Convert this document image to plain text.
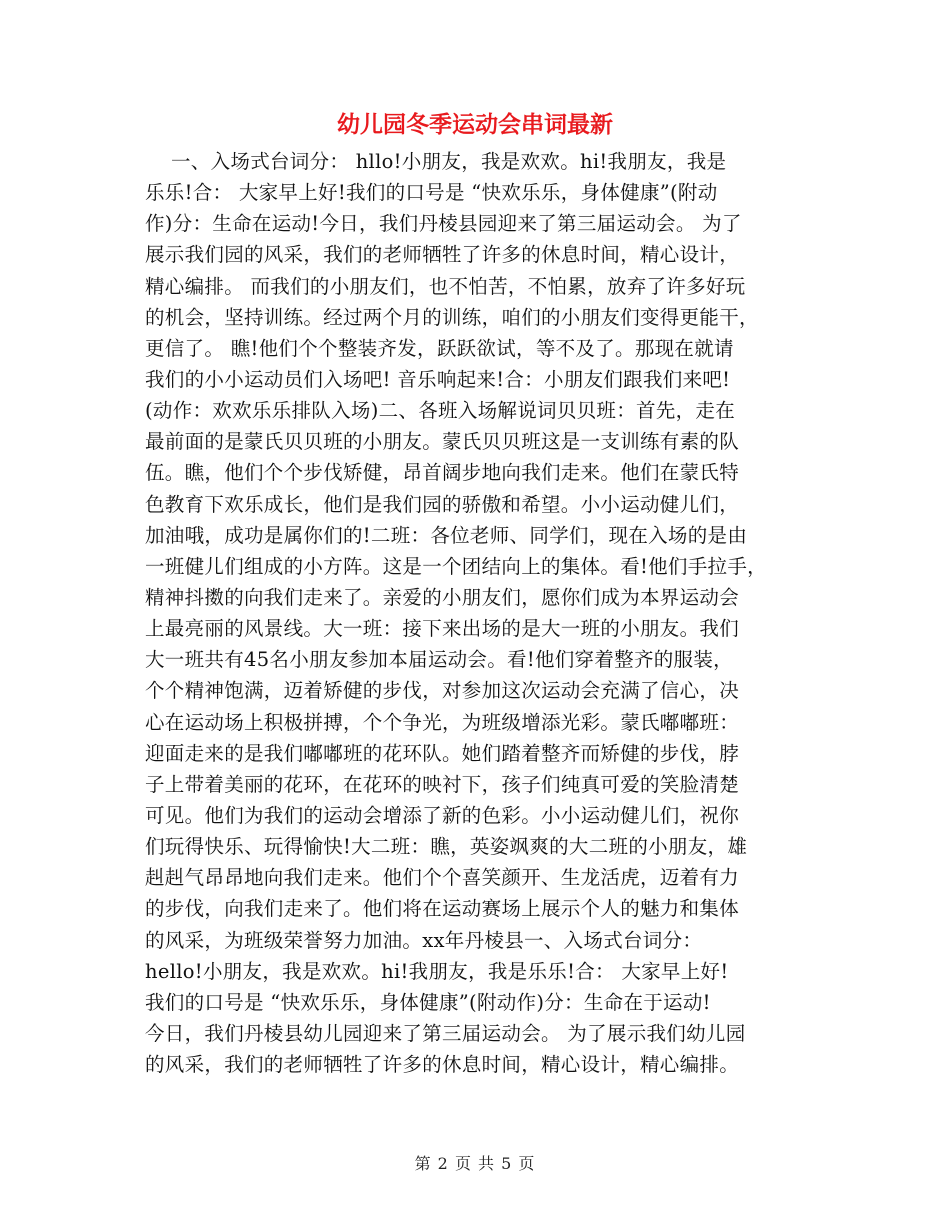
幼儿园冬季运动会串词最新
一、入场式台词分： hllo!小朋友，我是欢欢。hi!我朋友，我是
乐乐!合： 大家早上好!我们的口号是 “快欢乐乐，身体健康”(附动
作)分：生命在运动!今日，我们丹棱县园迎来了第三届运动会。 为了
展示我们园的风采，我们的老师牺牲了许多的休息时间，精心设计，
精心编排。 而我们的小朋友们，也不怕苦，不怕累，放弃了许多好玩
的机会，坚持训练。经过两个月的训练，咱们的小朋友们变得更能干，
更信了。 瞧!他们个个整装齐发，跃跃欲试，等不及了。那现在就请
我们的小小运动员们入场吧! 音乐响起来!合：小朋友们跟我们来吧!
(动作：欢欢乐乐排队入场)二、各班入场解说词贝贝班：首先，走在
最前面的是蒙氏贝贝班的小朋友。蒙氏贝贝班这是一支训练有素的队
伍。瞧，他们个个步伐矫健，昂首阔步地向我们走来。他们在蒙氏特
色教育下欢乐成长，他们是我们园的骄傲和希望。小小运动健儿们，
加油哦，成功是属你们的!二班：各位老师、同学们，现在入场的是由
一班健儿们组成的小方阵。这是一个团结向上的集体。看!他们手拉手，
精神抖擞的向我们走来了。亲爱的小朋友们，愿你们成为本界运动会
上最亮丽的风景线。大一班：接下来出场的是大一班的小朋友。我们
大一班共有45名小朋友参加本届运动会。看!他们穿着整齐的服装，
个个精神饱满，迈着矫健的步伐，对参加这次运动会充满了信心，决
心在运动场上积极拼搏，个个争光，为班级增添光彩。蒙氏嘟嘟班：
迎面走来的是我们嘟嘟班的花环队。她们踏着整齐而矫健的步伐，脖
子上带着美丽的花环，在花环的映衬下，孩子们纯真可爱的笑脸清楚
可见。他们为我们的运动会增添了新的色彩。小小运动健儿们，祝你
们玩得快乐、玩得愉快!大二班：瞧，英姿飒爽的大二班的小朋友，雄
赳赳气昂昂地向我们走来。他们个个喜笑颜开、生龙活虎，迈着有力
的步伐，向我们走来了。他们将在运动赛场上展示个人的魅力和集体
的风采，为班级荣誉努力加油。xx年丹棱县一、入场式台词分：
hello!小朋友，我是欢欢。hi!我朋友，我是乐乐!合： 大家早上好!
我们的口号是 “快欢乐乐，身体健康”(附动作)分：生命在于运动!
今日，我们丹棱县幼儿园迎来了第三届运动会。 为了展示我们幼儿园
的风采，我们的老师牺牲了许多的休息时间，精心设计，精心编排。
第 2 页 共 5 页
